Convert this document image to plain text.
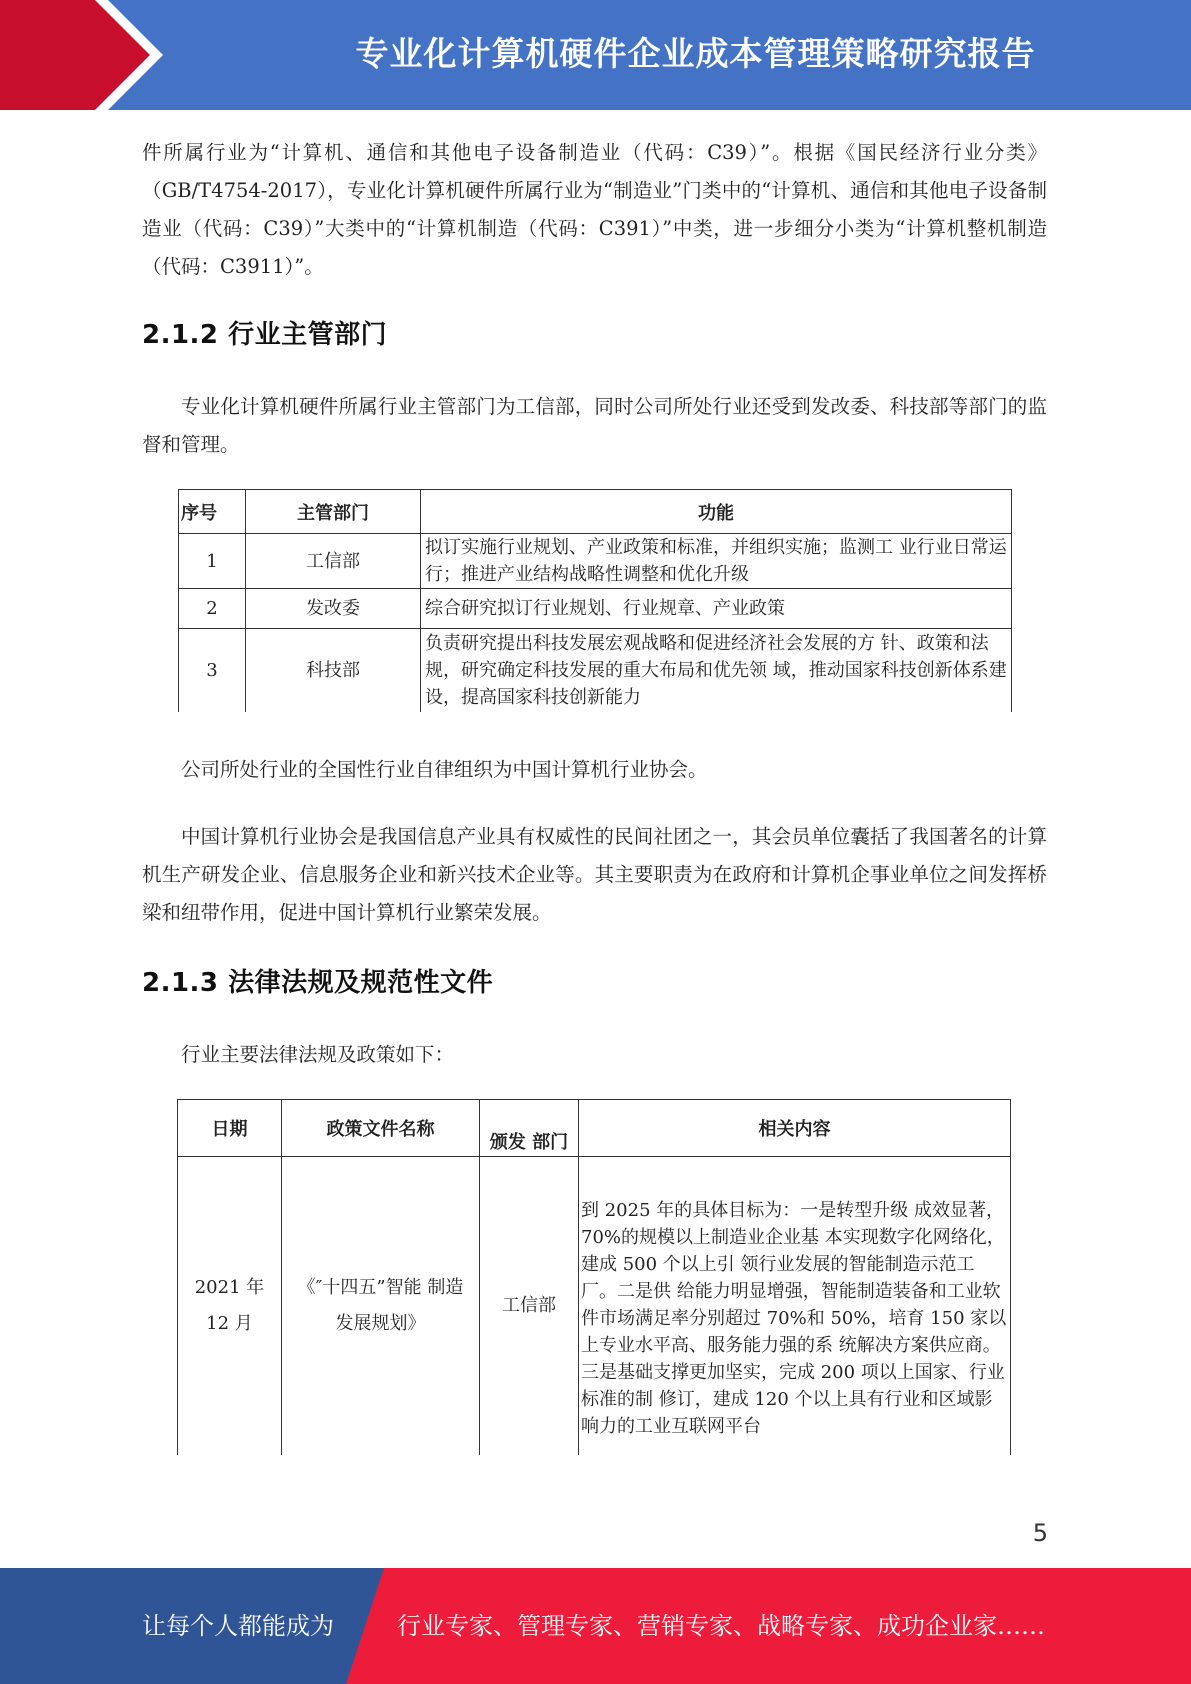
专业化计算机硬件企业成本管理策略研究报告

件所属行业为“计算机、通信和其他电子设备制造业（代码：C39）”。根据《国民经济行业分类》（GB/T4754-2017），专业化计算机硬件所属行业为“制造业”门类中的“计算机、通信和其他电子设备制造业（代码：C39）”大类中的“计算机制造（代码：C391）”中类，进一步细分小类为“计算机整机制造（代码：C3911）”。

2.1.2 行业主管部门

专业化计算机硬件所属行业主管部门为工信部，同时公司所处行业还受到发改委、科技部等部门的监督和管理。

序号	主管部门	功能
1	工信部	拟订实施行业规划、产业政策和标准，并组织实施；监测工 业行业日常运行；推进产业结构战略性调整和优化升级
2	发改委	综合研究拟订行业规划、行业规章、产业政策
3	科技部	负责研究提出科技发展宏观战略和促进经济社会发展的方 针、政策和法规，研究确定科技发展的重大布局和优先领 域，推动国家科技创新体系建设，提高国家科技创新能力

公司所处行业的全国性行业自律组织为中国计算机行业协会。

中国计算机行业协会是我国信息产业具有权威性的民间社团之一，其会员单位囊括了我国著名的计算机生产研发企业、信息服务企业和新兴技术企业等。其主要职责为在政府和计算机企事业单位之间发挥桥梁和纽带作用，促进中国计算机行业繁荣发展。

2.1.3 法律法规及规范性文件

行业主要法律法规及政策如下：

日期	政策文件名称	颁发 部门	相关内容
2021 年 12 月	《″十四五”智能 制造发展规划》	工信部	到 2025 年的具体目标为：一是转型升级 成效显著，70%的规模以上制造业企业基 本实现数字化网络化，建成 500 个以上引 领行业发展的智能制造示范工厂。二是供 给能力明显增强，智能制造装备和工业软 件市场满足率分别超过 70%和 50%，培育 150 家以上专业水平高、服务能力强的系 统解决方案供应商。三是基础支撑更加坚实，完成 200 项以上国家、行业标准的制 修订，建成 120 个以上具有行业和区域影 响力的工业互联网平台
5
让每个人都能成为	行业专家、管理专家、营销专家、战略专家、成功企业家……
